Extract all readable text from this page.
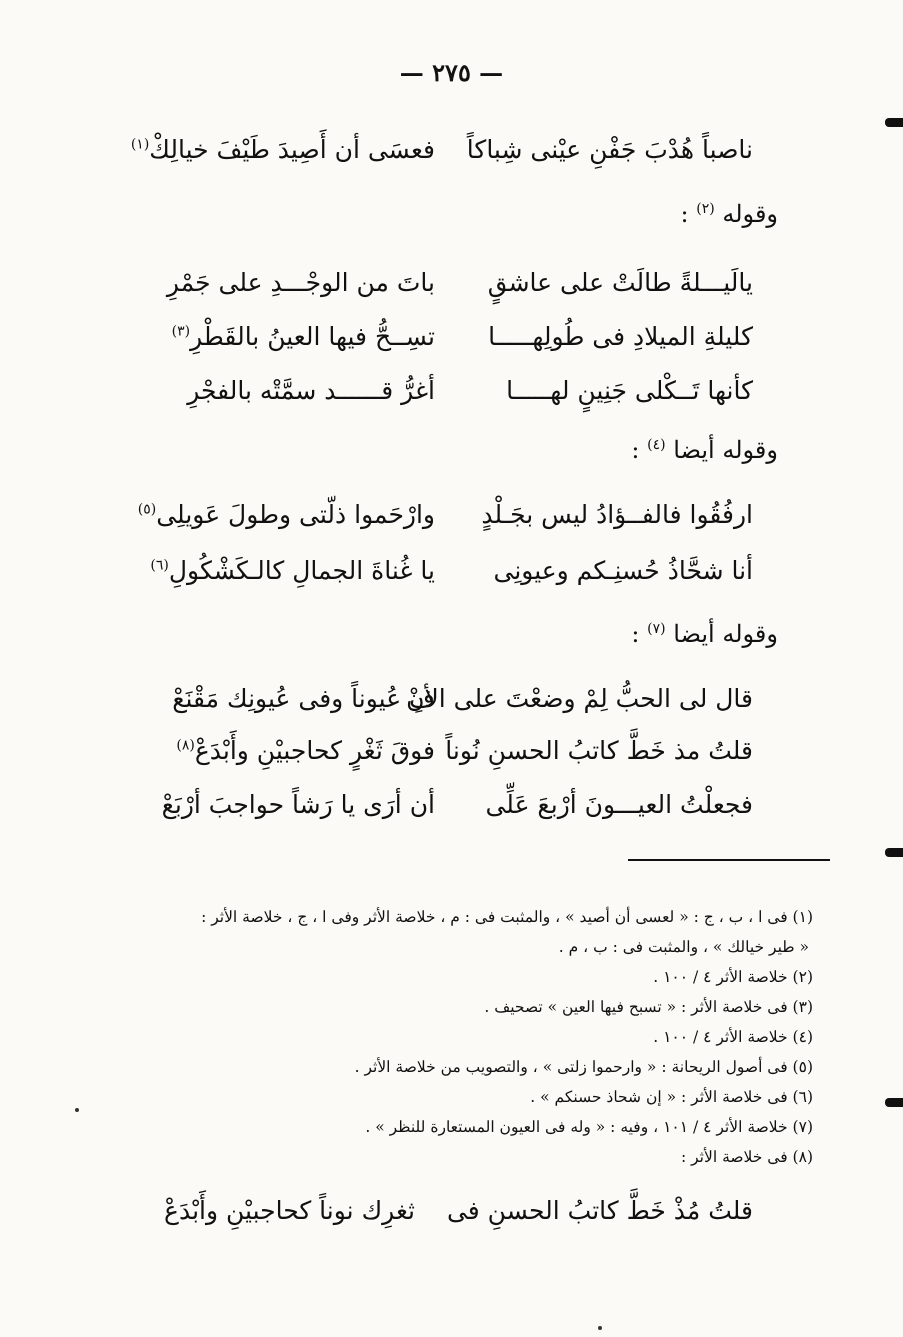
— ٢٧٥ —
ناصباً هُدْبَ جَفْنِ عيْنى شِباكاً
فعسَى أن أَصِيدَ طَيْفَ خيالِكْ$^{(١)}$
وقوله $^{(٢)}$ :
يالَيـــلةً طالَتْ على عاشقٍ
باتَ من الوجْـــدِ على جَمْرِ
كليلةِ الميلادِ فى طُولِهـــــا
تسِــحُّ فيها العينُ بالقَطْرِ$^{(٣)}$
كأنها تَــكْلى جَنِينٍ لهـــــا
أغرُّ قــــــد سمَّتْه بالفجْرِ
وقوله أيضا $^{(٤)}$ :
ارفُقُوا فالفــؤادُ ليس بجَـلْدٍ
وارْحَموا ذلّتى وطولَ عَويلِى$^{(٥)}$
أنا شحَّاذُ حُسنِـكم وعيونِى
يا غُناةَ الجمالِ كالـكَشْكُولِ$^{(٦)}$
وقوله أيضا $^{(٧)}$ :
قال لى الحبُّ لِمْ وضعْتَ على الأنْ
فِ عُيوناً وفى عُيونِك مَقْنَعْ
قلتُ مذ خَطَّ كاتبُ الحسنِ نُوناً
فوقَ ثَغْرٍ كحاجبيْنِ وأَبْدَعْ$^{(٨)}$
فجعلْتُ العيـــونَ أرْبعَ عَلِّى
أن أرَى يا رَشاً حواجبَ أرْبَعْ
(١) فى ا ، ب ، ج : « لعسى أن أصيد » ، والمثبت فى : م ، خلاصة الأثر وفى ا ، ج ، خلاصة الأثر :
« طير خيالك » ، والمثبت فى : ب ، م .
(٢) خلاصة الأثر ٤ / ١٠٠ .
(٣) فى خلاصة الأثر : « تسبح فيها العين » تصحيف .
(٤) خلاصة الأثر ٤ / ١٠٠ .
(٥) فى أصول الريحانة : « وارحموا زلتى » ، والتصويب من خلاصة الأثر .
(٦) فى خلاصة الأثر : « إن شحاذ حسنكم » .
(٧) خلاصة الأثر ٤ / ١٠١ ، وفيه : « وله فى العيون المستعارة للنظر » .
(٨) فى خلاصة الأثر :
قلتُ مُذْ خَطَّ كاتبُ الحسنِ فى
ثغرِك نوناً كحاجبيْنِ وأَبْدَعْ
